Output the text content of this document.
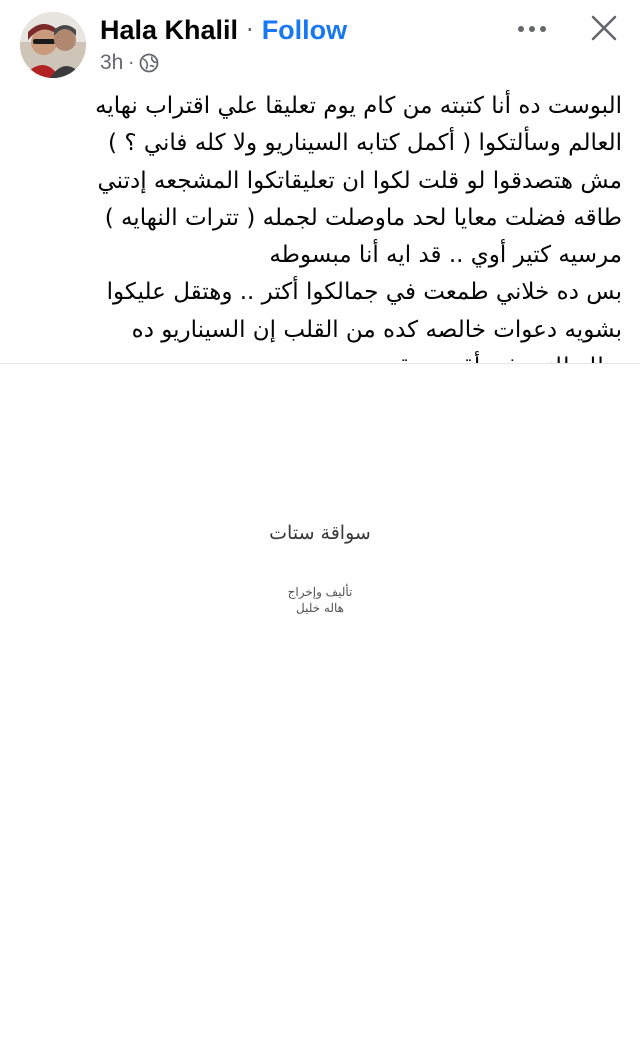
Hala Khalil · Follow
3h ·
البوست ده أنا كتبته من كام يوم تعليقا علي اقتراب نهايه
العالم وسألتكوا ( أكمل كتابه السيناريو ولا كله فاني ؟ )
مش هتصدقوا لو قلت لكوا ان تعليقاتكوا المشجعه إدتني
طاقه فضلت معايا لحد ماوصلت لجمله ( تترات النهايه )
مرسيه كتير أوي .. قد ايه أنا مبسوطه
بس ده خلاني طمعت في جمالكوا أكتر .. وهتقل عليكوا
بشويه دعوات خالصه كده من القلب إن السيناريو ده
سواقة ستات
تأليف وإخراج
هاله خليل
